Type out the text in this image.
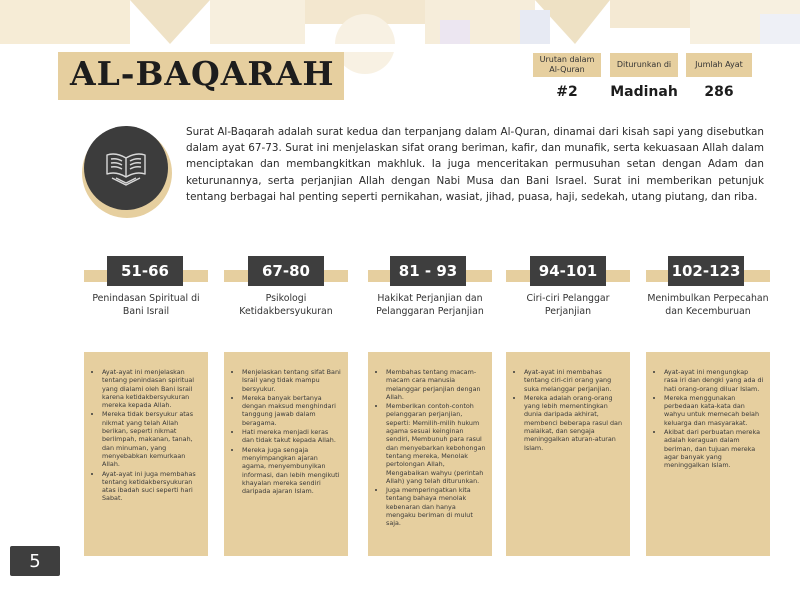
AL-BAQARAH	Urutan dalam Al-Quran
#2
Diturunkan di
Madinah
Jumlah Ayat
286
Surat Al-Baqarah adalah surat kedua dan terpanjang dalam Al-Quran, dinamai dari kisah sapi yang disebutkan dalam ayat 67-73. Surat ini menjelaskan sifat orang beriman, kafir, dan munafik, serta kekuasaan Allah dalam menciptakan dan membangkitkan makhluk. Ia juga menceritakan permusuhan setan dengan Adam dan keturunannya, serta perjanjian Allah dengan Nabi Musa dan Bani Israel. Surat ini memberikan petunjuk tentang berbagai hal penting seperti pernikahan, wasiat, jihad, puasa, haji, sedekah, utang piutang, dan riba.
51-66
Penindasan Spiritual di Bani Israil
• Ayat-ayat ini menjelaskan tentang penindasan spiritual yang dialami oleh Bani Israil karena ketidakbersyukuran mereka kepada Allah.
• Mereka tidak bersyukur atas nikmat yang telah Allah berikan, seperti nikmat berlimpah, makanan, tanah, dan minuman, yang menyebabkan kemurkaan Allah.
• Ayat-ayat ini juga membahas tentang ketidakbersyukuran atas ibadah suci seperti hari Sabat.
67-80
Psikologi Ketidakbersyukuran
• Menjelaskan tentang sifat Bani Israil yang tidak mampu bersyukur.
• Mereka banyak bertanya dengan maksud menghindari tanggung jawab dalam beragama.
• Hati mereka menjadi keras dan tidak takut kepada Allah.
• Mereka juga sengaja menyimpangkan ajaran agama, menyembunyikan informasi, dan lebih mengikuti khayalan mereka sendiri daripada ajaran Islam.
81 - 93
Hakikat Perjanjian dan Pelanggaran Perjanjian
• Membahas tentang macam-macam cara manusia melanggar perjanjian dengan Allah.
• Memberikan contoh-contoh pelanggaran perjanjian, seperti: Memilih-milih hukum agama sesuai keinginan sendiri, Membunuh para rasul dan menyebarkan kebohongan tentang mereka, Menolak pertolongan Allah, Mengabaikan wahyu (perintah Allah) yang telah diturunkan.
• Juga memperingatkan kita tentang bahaya menolak kebenaran dan hanya mengaku beriman di mulut saja.
94-101
Ciri-ciri Pelanggar Perjanjian
• Ayat-ayat ini membahas tentang ciri-ciri orang yang suka melanggar perjanjian.
• Mereka adalah orang-orang yang lebih mementingkan dunia daripada akhirat, membenci beberapa rasul dan malaikat, dan sengaja meninggalkan aturan-aturan Islam.
102-123
Menimbulkan Perpecahan dan Kecemburuan
• Ayat-ayat ini mengungkap rasa iri dan dengki yang ada di hati orang-orang diluar Islam.
• Mereka menggunakan perbedaan kata-kata dan wahyu untuk memecah belah keluarga dan masyarakat.
• Akibat dari perbuatan mereka adalah keraguan dalam beriman, dan tujuan mereka agar banyak yang meninggalkan Islam.
5
